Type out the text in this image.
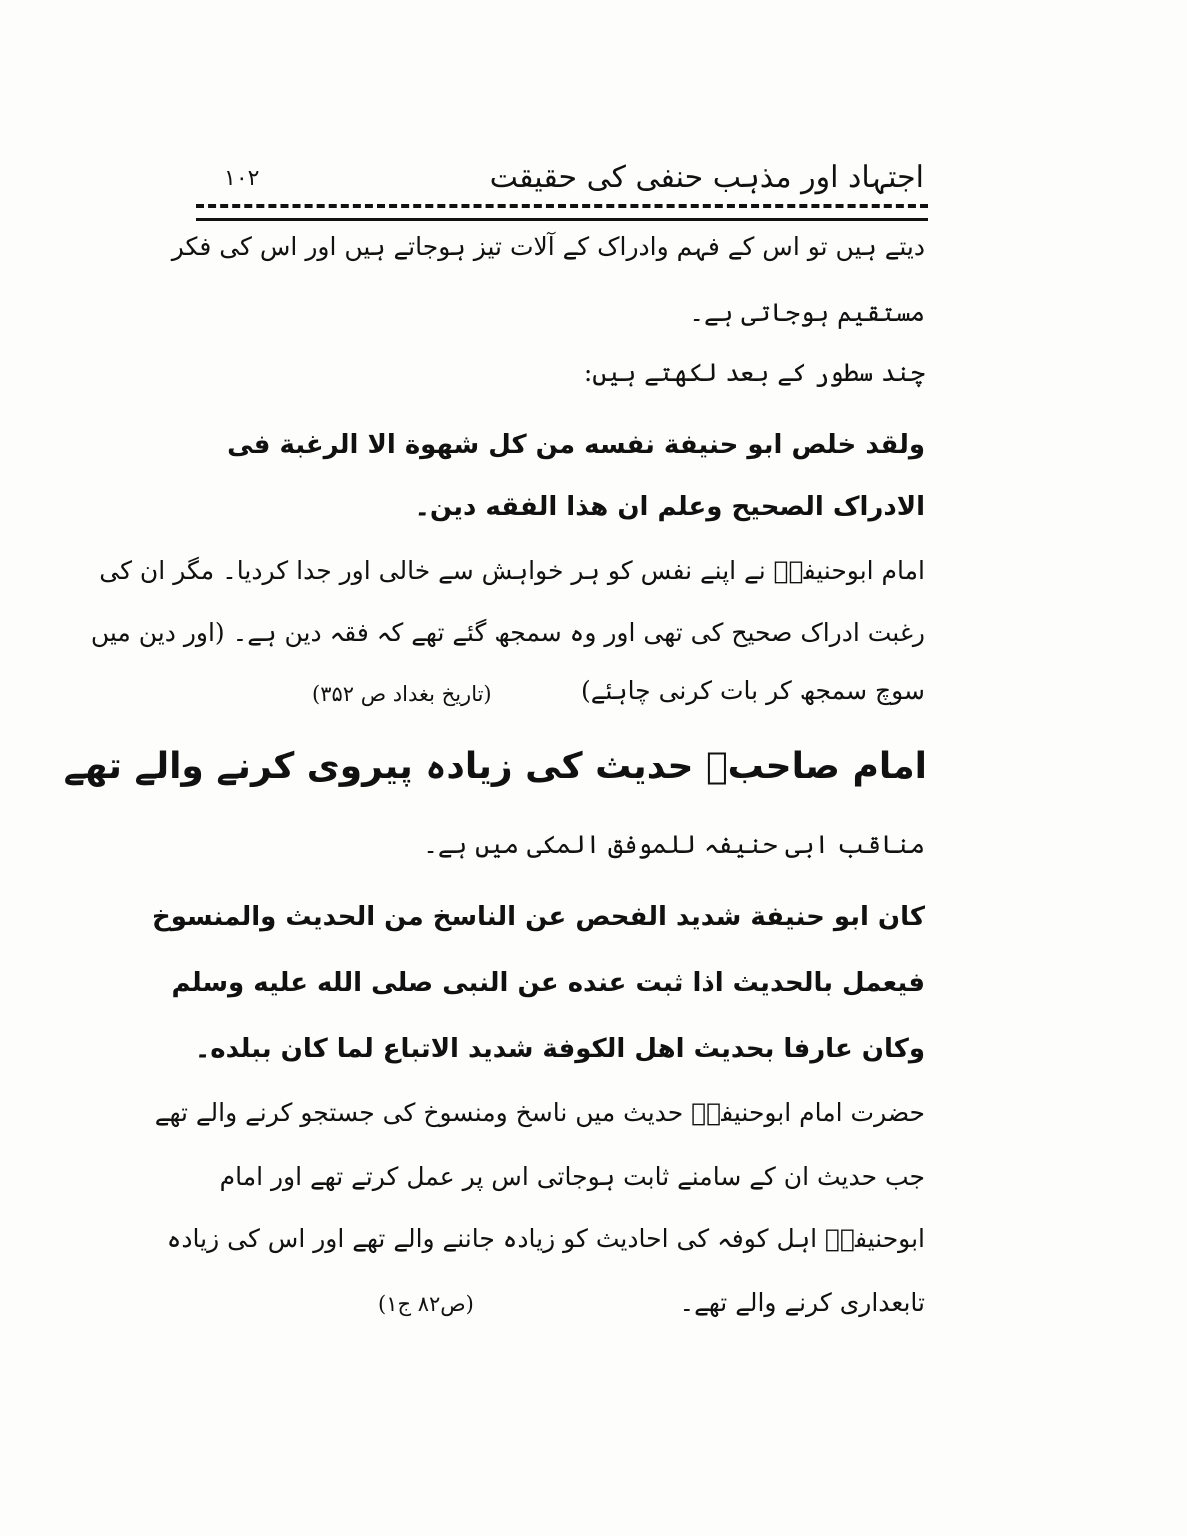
اجتہاد اور مذہب حنفی کی حقیقت
۱۰۲
دیتے ہیں تو اس کے فہم وادراک کے آلات تیز ہوجاتے ہیں اور اس کی فکر
مستقیم ہوجاتی ہے۔
چند سطور کے بعد لکھتے ہیں:
ولقد خلص ابو حنیفة نفسه من كل شهوة الا الرغبة فی
الادراک الصحیح وعلم ان هذا الفقه دین۔
امام ابوحنیفہؒ نے اپنے نفس کو ہر خواہش سے خالی اور جدا کردیا۔ مگر ان کی
رغبت ادراک صحیح کی تھی اور وہ سمجھ گئے تھے کہ فقہ دین ہے۔ (اور دین میں
سوچ سمجھ کر بات کرنی چاہئے)
(تاریخ بغداد ص ۳۵۲)
امام صاحبؒ حدیث کی زیادہ پیروی کرنے والے تھے
مناقب ابی حنیفہ للموفق المکی میں ہے۔
كان ابو حنیفة شدید الفحص عن الناسخ من الحدیث والمنسوخ
فیعمل بالحدیث اذا ثبت عنده عن النبی صلی الله علیه وسلم
وكان عارفا بحدیث اهل الكوفة شدید الاتباع لما كان ببلده۔
حضرت امام ابوحنیفہؒ حدیث میں ناسخ ومنسوخ کی جستجو کرنے والے تھے
جب حدیث ان کے سامنے ثابت ہوجاتی اس پر عمل کرتے تھے اور امام
ابوحنیفہؒ اہل کوفہ کی احادیث کو زیادہ جاننے والے تھے اور اس کی زیادہ
تابعداری کرنے والے تھے۔
(ص۸۲ ج۱)
